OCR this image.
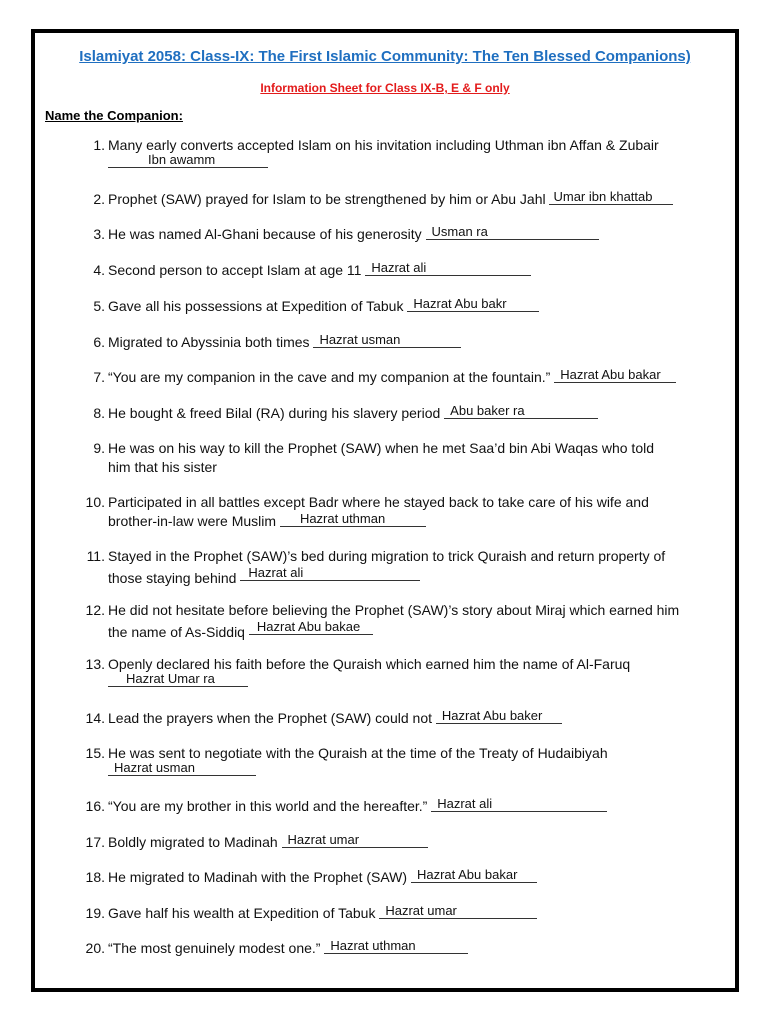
Islamiyat 2058: Class-IX: The First Islamic Community: The Ten Blessed Companions)
Information Sheet for Class IX-B, E & F only
Name the Companion:
1. Many early converts accepted Islam on his invitation including Uthman ibn Affan & Zubair
Ibn awamm
2. Prophet (SAW) prayed for Islam to be strengthened by him or Abu Jahl Umar ibn khattab
3. He was named Al-Ghani because of his generosity Usman ra
4. Second person to accept Islam at age 11 Hazrat ali
5. Gave all his possessions at Expedition of Tabuk Hazrat Abu bakr
6. Migrated to Abyssinia both times Hazrat usman
7. “You are my companion in the cave and my companion at the fountain.” Hazrat Abu bakar
8. He bought & freed Bilal (RA) during his slavery period Abu baker ra
9. He was on his way to kill the Prophet (SAW) when he met Saa’d bin Abi Waqas who told
him that his sister
10. Participated in all battles except Badr where he stayed back to take care of his wife and
brother-in-law were Muslim Hazrat uthman
11. Stayed in the Prophet (SAW)’s bed during migration to trick Quraish and return property of
those staying behind Hazrat ali
12. He did not hesitate before believing the Prophet (SAW)’s story about Miraj which earned him
the name of As-Siddiq Hazrat Abu bakae
13. Openly declared his faith before the Quraish which earned him the name of Al-Faruq
Hazrat Umar ra
14. Lead the prayers when the Prophet (SAW) could not Hazrat Abu baker
15. He was sent to negotiate with the Quraish at the time of the Treaty of Hudaibiyah
Hazrat usman
16. “You are my brother in this world and the hereafter.” Hazrat ali
17. Boldly migrated to Madinah Hazrat umar
18. He migrated to Madinah with the Prophet (SAW) Hazrat Abu bakar
19. Gave half his wealth at Expedition of Tabuk Hazrat umar
20. “The most genuinely modest one.” Hazrat uthman
